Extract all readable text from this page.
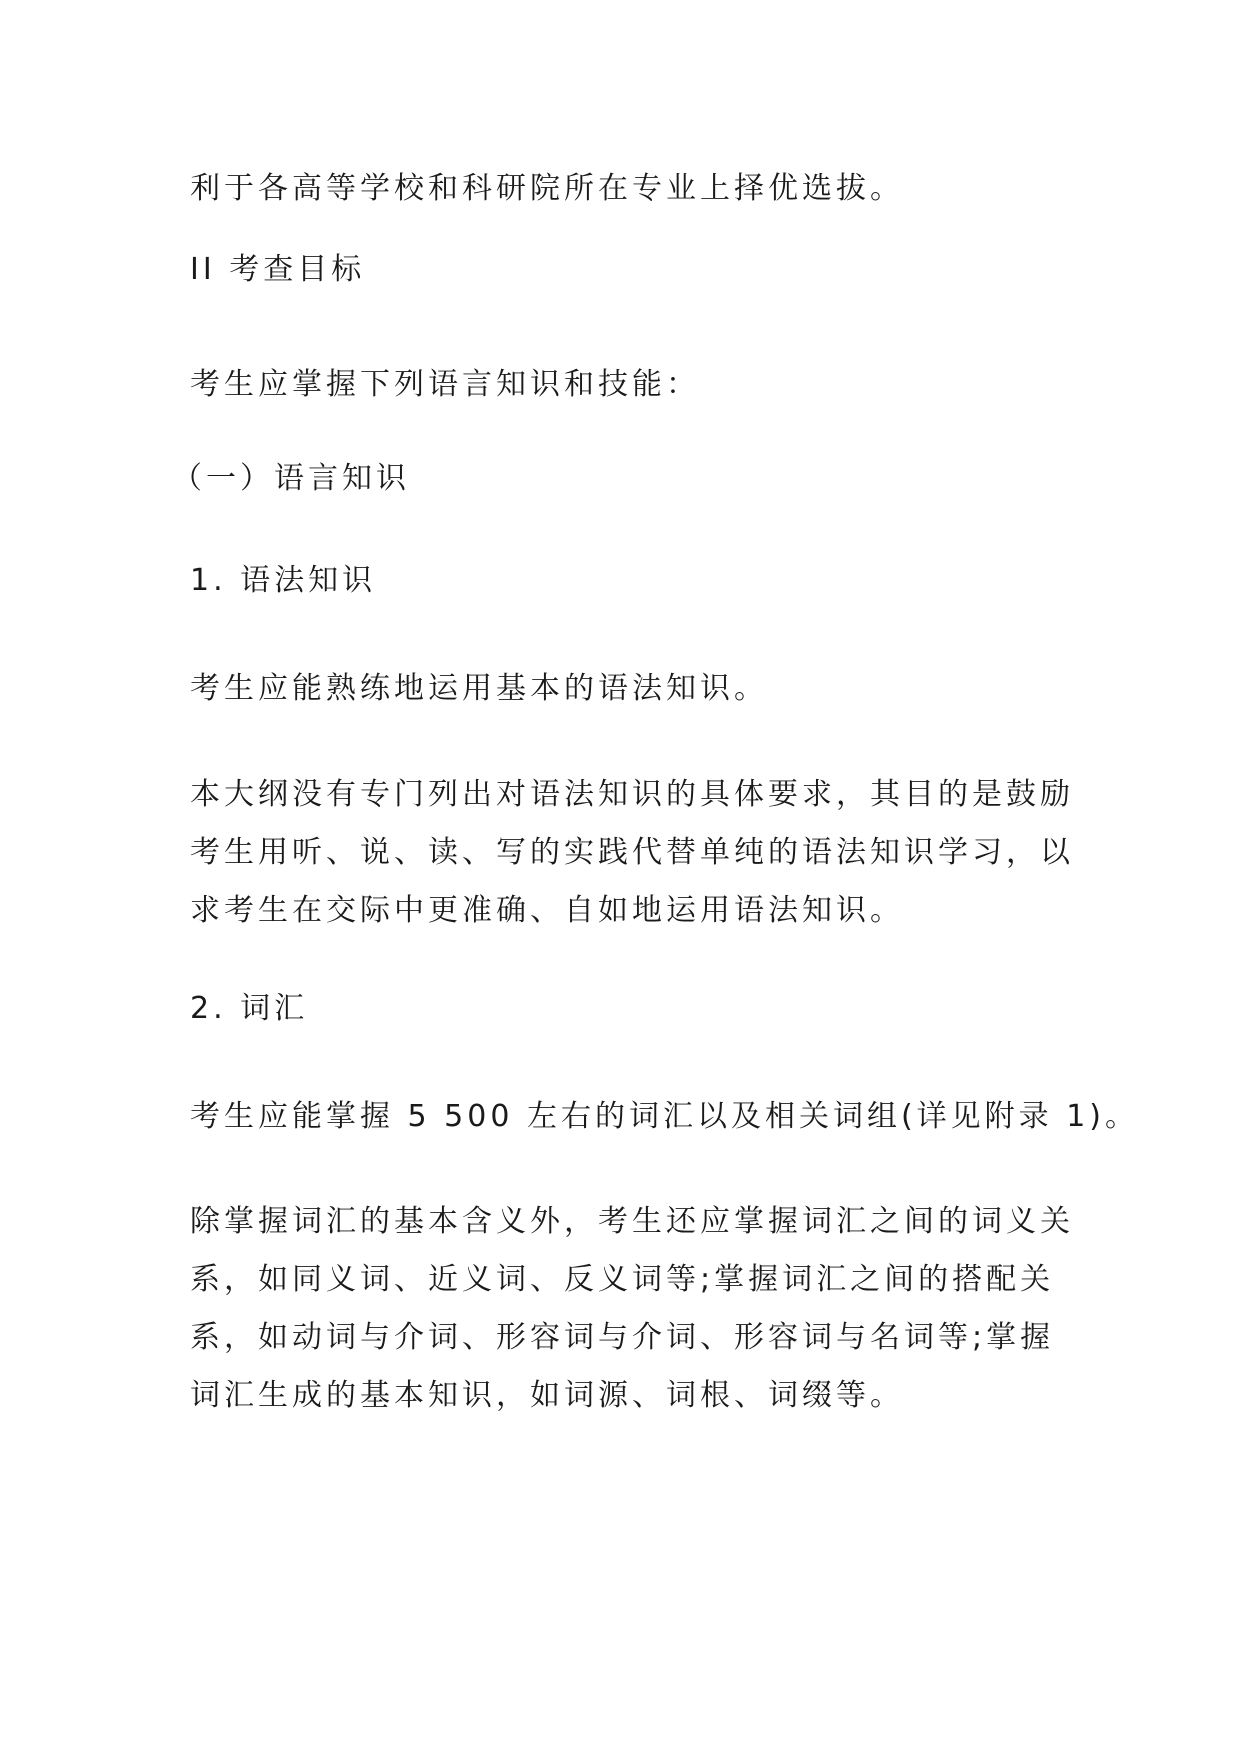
利于各高等学校和科研院所在专业上择优选拔。

II 考查目标

考生应掌握下列语言知识和技能：

（一）语言知识
1. 语法知识

考生应能熟练地运用基本的语法知识。

本大纲没有专门列出对语法知识的具体要求，其目的是鼓励
考生用听、说、读、写的实践代替单纯的语法知识学习，以
求考生在交际中更准确、自如地运用语法知识。
2. 词汇

考生应能掌握 5 500 左右的词汇以及相关词组(详见附录 1)。

除掌握词汇的基本含义外，考生还应掌握词汇之间的词义关
系，如同义词、近义词、反义词等;掌握词汇之间的搭配关
系，如动词与介词、形容词与介词、形容词与名词等;掌握
词汇生成的基本知识，如词源、词根、词缀等。
